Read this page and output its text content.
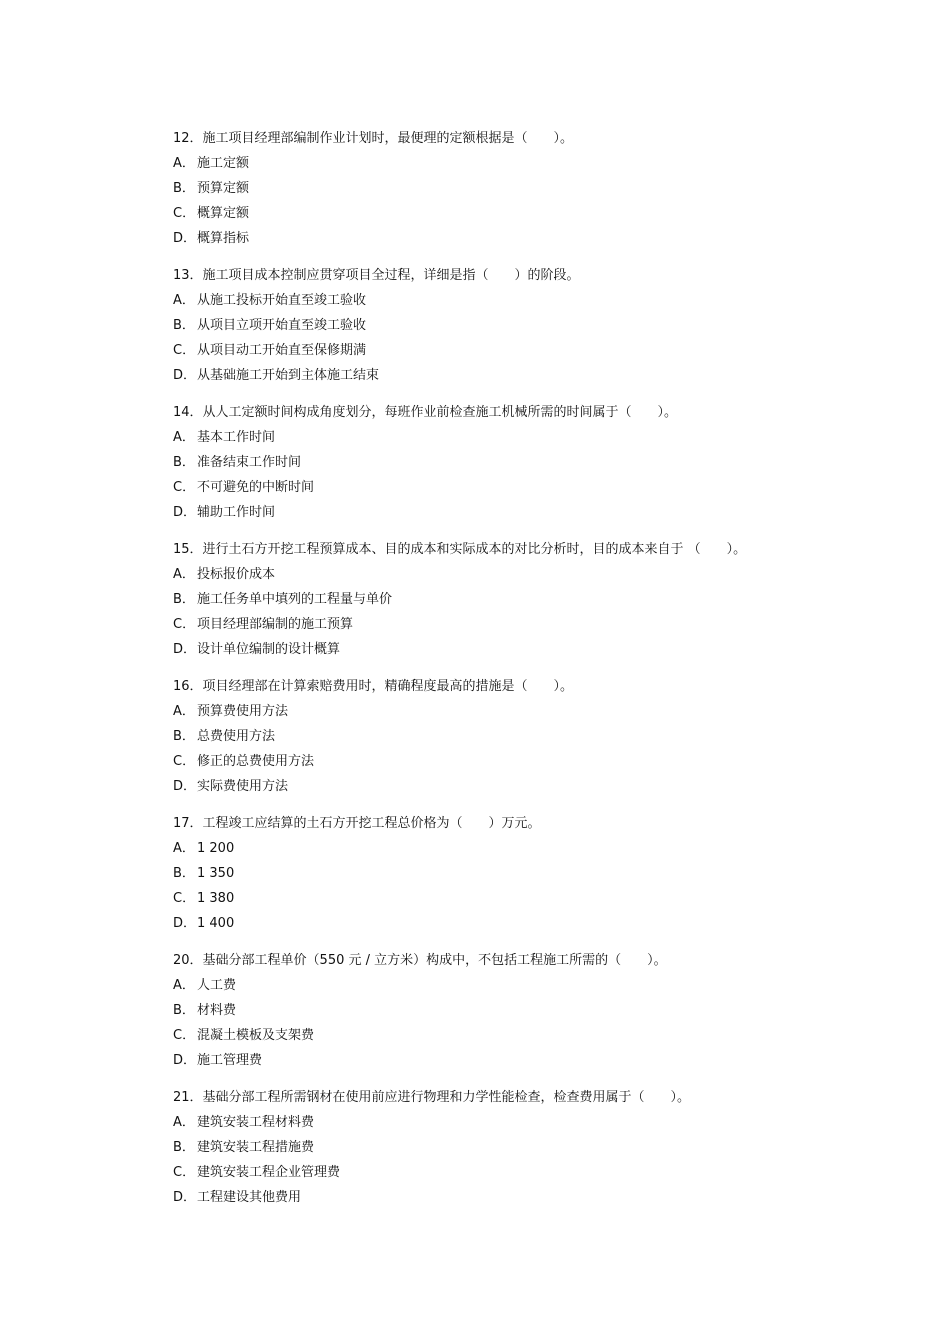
12．施工项目经理部编制作业计划时，最便理的定额根据是（　　）。
A． 施工定额
B． 预算定额
C． 概算定额
D．概算指标
13．施工项目成本控制应贯穿项目全过程，详细是指（　　）的阶段。
A． 从施工投标开始直至竣工验收
B． 从项目立项开始直至竣工验收
C． 从项目动工开始直至保修期满
D．从基础施工开始到主体施工结束
14．从人工定额时间构成角度划分，每班作业前检查施工机械所需的时间属于（　　）。
A． 基本工作时间
B． 准备结束工作时间
C． 不可避免的中断时间
D．辅助工作时间
15．进行土石方开挖工程预算成本、目的成本和实际成本的对比分析时，目的成本来自于 （　　）。
A． 投标报价成本
B． 施工任务单中填列的工程量与单价
C． 项目经理部编制的施工预算
D．设计单位编制的设计概算
16．项目经理部在计算索赔费用时，精确程度最高的措施是（　　）。
A． 预算费使用方法
B． 总费使用方法
C． 修正的总费使用方法
D．实际费使用方法
17．工程竣工应结算的土石方开挖工程总价格为（　　）万元。
A． 1 200
B． 1 350
C． 1 380
D．1 400
20．基础分部工程单价（550 元 / 立方米）构成中，不包括工程施工所需的（　　）。
A． 人工费
B． 材料费
C． 混凝土模板及支架费
D．施工管理费
21．基础分部工程所需钢材在使用前应进行物理和力学性能检查，检查费用属于（　　）。
A． 建筑安装工程材料费
B． 建筑安装工程措施费
C． 建筑安装工程企业管理费
D．工程建设其他费用
